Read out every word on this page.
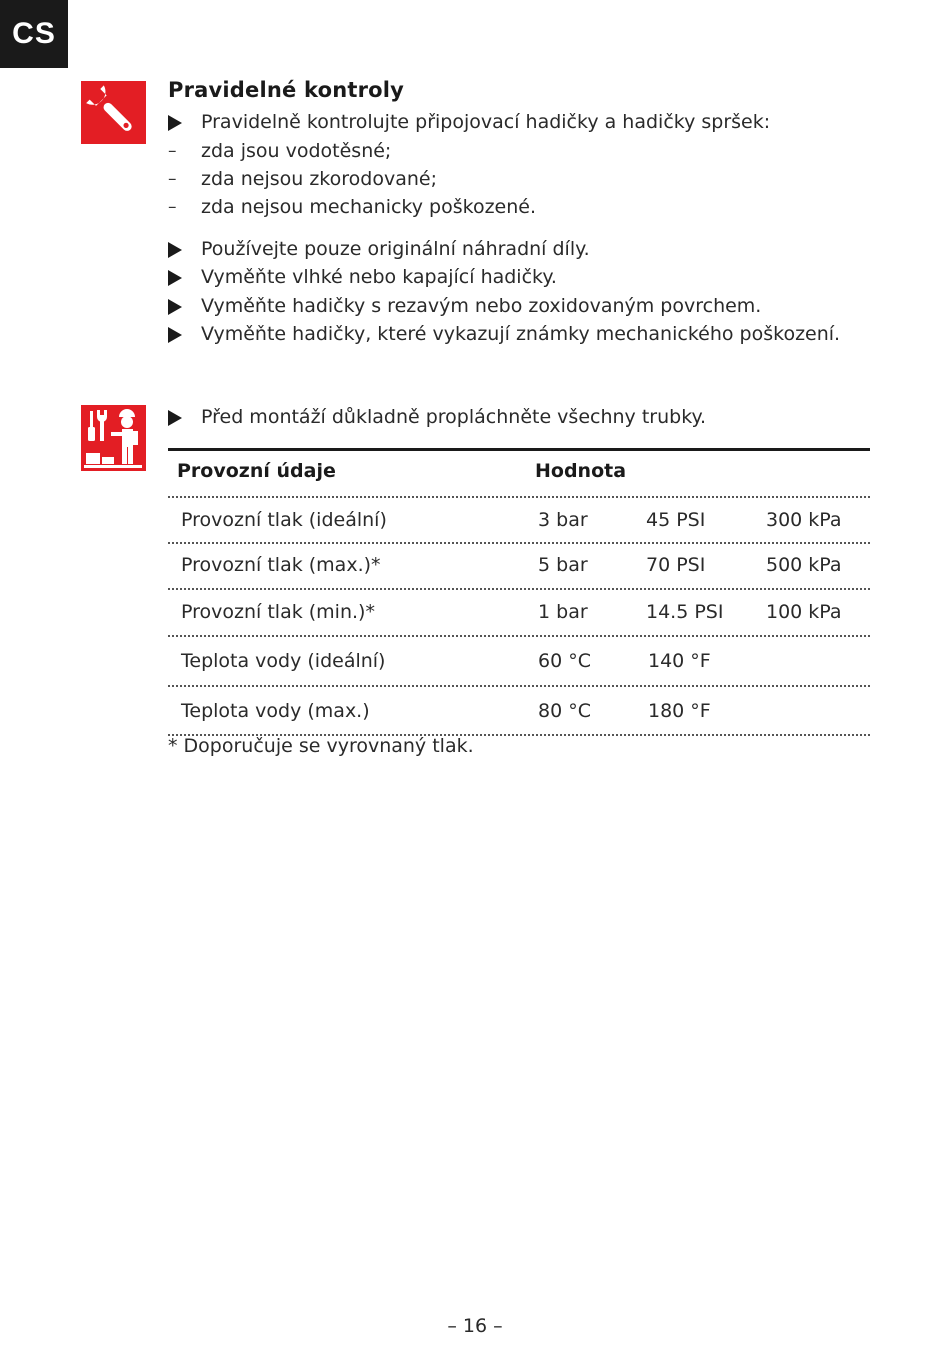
CS
Pravidelné kontroly
Pravidelně kontrolujte připojovací hadičky a hadičky spršek:
–	zda jsou vodotěsné;
–	zda nejsou zkorodované;
–	zda nejsou mechanicky poškozené.
Používejte pouze originální náhradní díly.
Vyměňte vlhké nebo kapající hadičky.
Vyměňte hadičky s rezavým nebo zoxidovaným povrchem.
Vyměňte hadičky, které vykazují známky mechanického poškození.
Před montáží důkladně propláchněte všechny trubky.
Provozní údaje	Hodnota
Provozní tlak (ideální)	3 bar	45 PSI	300 kPa
Provozní tlak (max.)*	5 bar	70 PSI	500 kPa
Provozní tlak (min.)*	1 bar	14.5 PSI 100 kPa
Teplota vody (ideální)	60 °C	140 °F
Teplota vody (max.)	80 °C	180 °F
* Doporučuje se vyrovnaný tlak.
– 16 –
